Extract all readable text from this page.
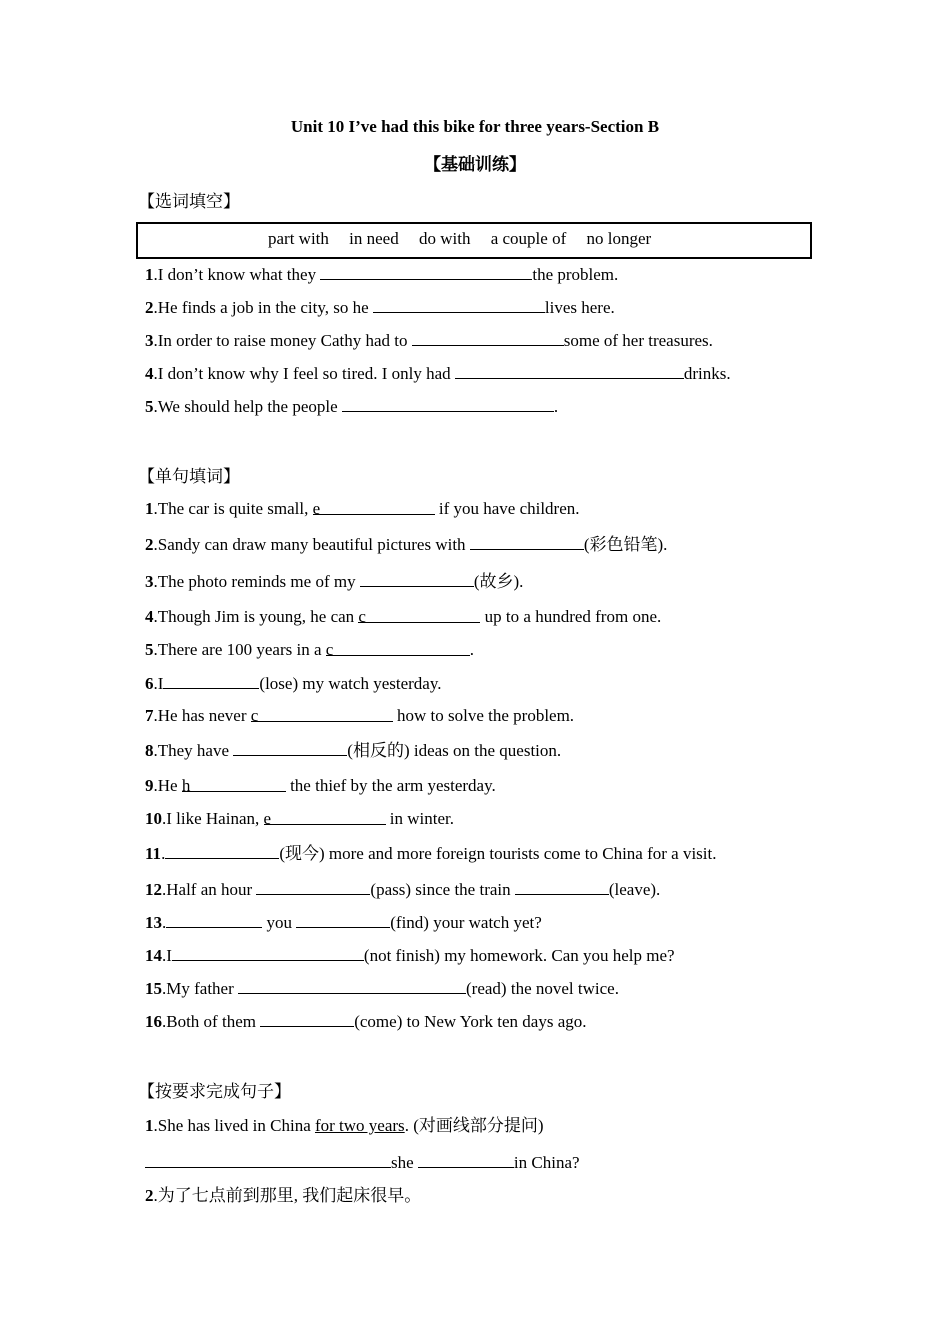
Unit 10 I’ve had this bike for three years-Section B
【基础训练】
【选词填空】
part with in need do with a couple of no longer
1.I don’t know what they	the problem.
2.He finds a job in the city, so he	lives here.
3.In order to raise money Cathy had to	some of her treasures.
4.I don’t know why I feel so tired. I only had	drinks.
5.We should help the people	.
【单句填词】
1.The car is quite small, e	if you have children.
2.Sandy can draw many beautiful pictures with	(彩色铅笔).
3.The photo reminds me of my	(故乡).
4.Though Jim is young, he can c	up to a hundred from one.
5.There are 100 years in a c	.
6.I	(lose) my watch yesterday.
7.He has never c	how to solve the problem.
8.They have	(相反的) ideas on the question.
9.He h	the thief by the arm yesterday.
10.I like Hainan, e	in winter.
11.	(现今) more and more foreign tourists come to China for a visit.
12.Half an hour	(pass) since the train	(leave).
13.	you	(find) your watch yet?
14.I	(not finish) my homework. Can you help me?
15.My father	(read) the novel twice.
16.Both of them	(come) to New York ten days ago.
【按要求完成句子】
1.She has lived in China for two years. (对画线部分提问)
she	in China?
2.为了七点前到那里, 我们起床很早。
